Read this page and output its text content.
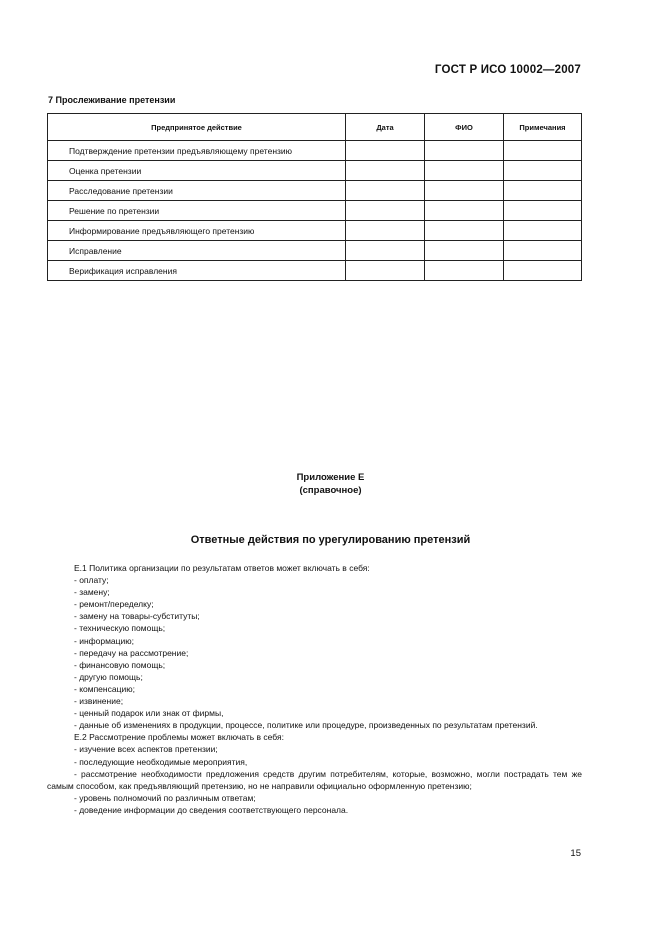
ГОСТ Р ИСО 10002—2007
7 Прослеживание претензии
Предпринятое действие	Дата	ФИО	Примечания
Подтверждение претензии предъявляющему претензию			
Оценка претензии			
Расследование претензии			
Решение по претензии			
Информирование предъявляющего претензию			
Исправление			
Верификация исправления			
Приложение Е
(справочное)
Ответные действия по урегулированию претензий

Е.1 Политика организации по результатам ответов может включать в себя:

- оплату;

- замену;

- ремонт/переделку;

- замену на товары-субституты;

- техническую помощь;

- информацию;

- передачу на рассмотрение;

- финансовую помощь;

- другую помощь;

- компенсацию;

- извинение;

- ценный подарок или знак от фирмы,

- данные об изменениях в продукции, процессе, политике или процедуре, произведенных по результатам претензий.

Е.2 Рассмотрение проблемы может включать в себя:

- изучение всех аспектов претензии;

- последующие необходимые мероприятия,

- рассмотрение необходимости предложения средств другим потребителям, которые, возможно, могли пострадать тем же самым способом, как предъявляющий претензию, но не направили официально оформленную претензию;

- уровень полномочий по различным ответам;

- доведение информации до сведения соответствующего персонала.

15
